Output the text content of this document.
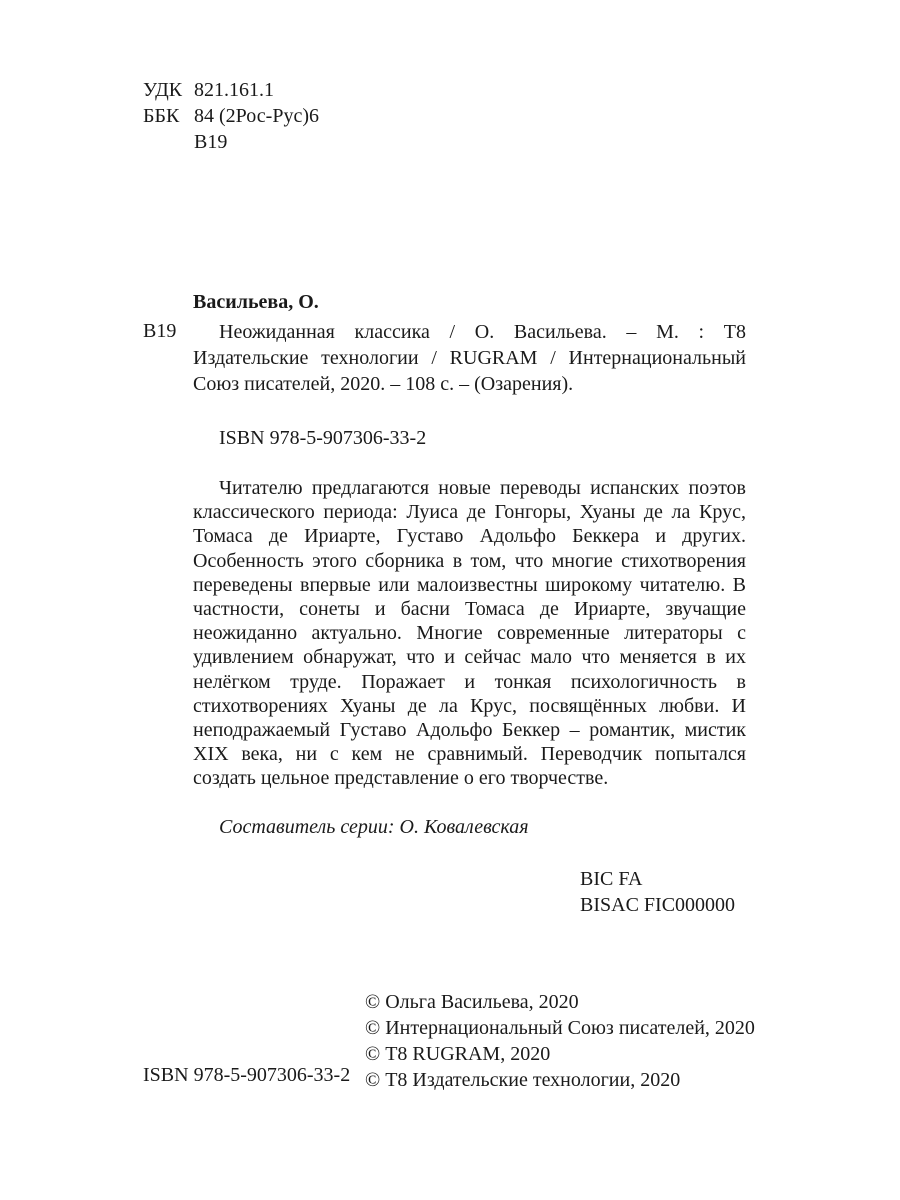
УДК 821.161.1
ББК 84 (2Рос-Рус)6
В19
Васильева, О.
В19	Неожиданная классика / О. Васильева. – М. : Т8 Издательские технологии / RUGRAM / Интернациональный Союз писателей, 2020. – 108 с. – (Озарения).

ISBN 978-5-907306-33-2

Читателю предлагаются новые переводы испанских поэтов классического периода: Луиса де Гонгоры, Хуаны де ла Крус, Томаса де Ириарте, Густаво Адольфо Беккера и других. Особенность этого сборника в том, что многие стихотворения переведены впервые или малоизвестны широкому читателю. В частности, сонеты и басни Томаса де Ириарте, звучащие неожиданно актуально. Многие современные литераторы с удивлением обнаружат, что и сейчас мало что меняется в их нелёгком труде. Поражает и тонкая психологичность в стихотворениях Хуаны де ла Крус, посвящённых любви. И неподражаемый Густаво Адольфо Беккер – романтик, мистик XIX века, ни с кем не сравнимый. Переводчик попытался создать цельное представление о его творчестве.

Составитель серии: О. Ковалевская
BIC FA
BISAC FIC000000
© Ольга Васильева, 2020
© Интернациональный Союз писателей, 2020
© Т8 RUGRAM, 2020
© Т8 Издательские технологии, 2020
ISBN 978-5-907306-33-2
